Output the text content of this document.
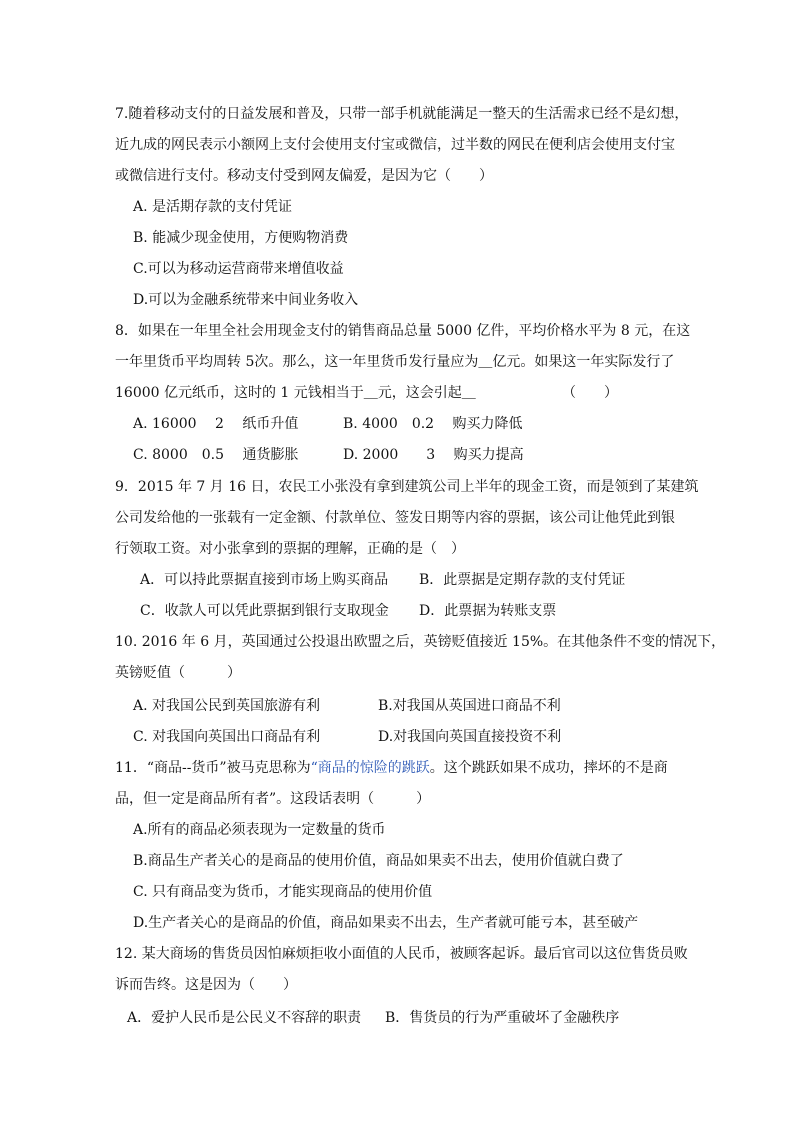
7.随着移动支付的日益发展和普及，只带一部手机就能满足一整天的生活需求已经不是幻想，
近九成的网民表示小额网上支付会使用支付宝或微信，过半数的网民在便利店会使用支付宝
或微信进行支付。移动支付受到网友偏爱，是因为它（　　）
A. 是活期存款的支付凭证
B. 能减少现金使用，方便购物消费
C.可以为移动运营商带来增值收益
D.可以为金融系统带来中间业务收入
8．如果在一年里全社会用现金支付的销售商品总量 5000 亿件，平均价格水平为 8 元，在这
一年里货币平均周转 5次。那么，这一年里货币发行量应为＿亿元。如果这一年实际发行了
16000 亿元纸币，这时的 1 元钱相当于＿元，这会引起＿	（　　）
A. 16000　 2　 纸币升值	B. 4000　0.2　 购买力降低
C. 8000　0.5　 通货膨胀	D. 2000　　3　 购买力提高
9．2015 年 7 月 16 日，农民工小张没有拿到建筑公司上半年的现金工资，而是领到了某建筑
公司发给他的一张载有一定金额、付款单位、签发日期等内容的票据，该公司让他凭此到银
行领取工资。对小张拿到的票据的理解，正确的是（　）
A．可以持此票据直接到市场上购买商品 B．此票据是定期存款的支付凭证
C．收款人可以凭此票据到银行支取现金 D．此票据为转账支票
10. 2016 年 6 月，英国通过公投退出欧盟之后，英镑贬值接近 15%。在其他条件不变的情况下，
英镑贬值（　　　）
A. 对我国公民到英国旅游有利	B.对我国从英国进口商品不利
C. 对我国向英国出口商品有利	D.对我国向英国直接投资不利
11．“商品--货币”被马克思称为“商品的惊险的跳跃。这个跳跃如果不成功，摔坏的不是商
品，但一定是商品所有者”。这段话表明（　　　）
A.所有的商品必须表现为一定数量的货币
B.商品生产者关心的是商品的使用价值，商品如果卖不出去，使用价值就白费了
C. 只有商品变为货币，才能实现商品的使用价值
D.生产者关心的是商品的价值，商品如果卖不出去，生产者就可能亏本，甚至破产
12. 某大商场的售货员因怕麻烦拒收小面值的人民币，被顾客起诉。最后官司以这位售货员败
诉而告终。这是因为（　　）
A．爱护人民币是公民义不容辞的职责 B．售货员的行为严重破坏了金融秩序
